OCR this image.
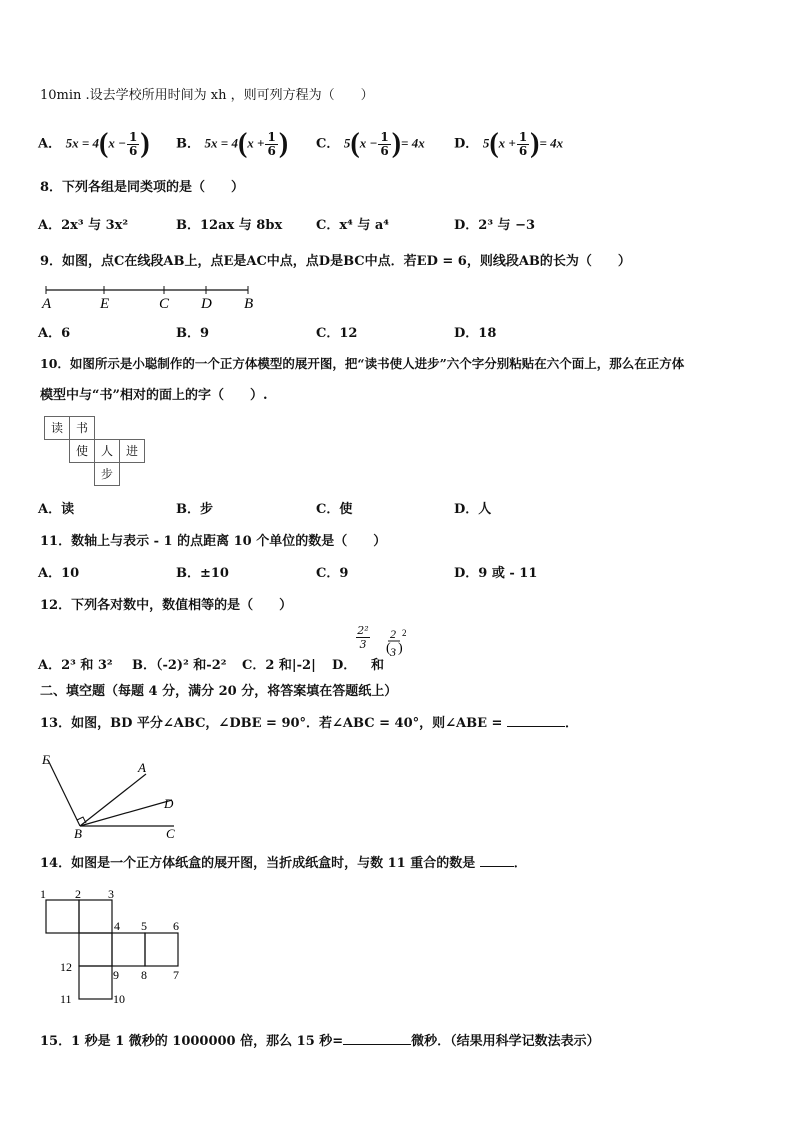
10min .设去学校所用时间为 xh ，则可列方程为（　　）
A． $5x = 4(x - \frac{1}{6}$ ) B． $5x = 4(x + \frac{1}{6}$ ) C． $5(x - \frac{1}{6}$ )= 4x D． $5(x + \frac{1}{6}$ )= 4x
8．下列各组是同类项的是（　　）
A．2x³ 与 3x²	B．12ax 与 8bx	C．x⁴ 与 a⁴	D．2³ 与 −3
9．如图，点C在线段AB上，点E是AC中点，点D是BC中点．若ED = 6，则线段AB的长为（　　）
A	E	C D B
A．6	B．9	C．12	D．18
10．如图所示是小聪制作的一个正方体模型的展开图，把“读书使人进步”六个字分别粘贴在六个面上，那么在正方体
模型中与“书”相对的面上的字（　　）.
读	书
使	人	进
步
A．读	B．步	C．使	D．人
11．数轴上与表示 - 1 的点距离 10 个单位的数是（　　）
A．10	B．±10	C．9	D．9 或 - 11
12．下列各对数中，数值相等的是（　　）
A．2³ 和 3² B．（-2)² 和-2² C．2 和|-2| D．
$\frac{\text{2²}}{3}$
和
2
3
( )
2
二、填空题（每题 4 分，满分 20 分，将答案填在答题纸上）
13．如图，BD 平分∠ABC，∠DBE = 90°．若∠ABC = 40°，则∠ABE =	．
E
A
D
B	C
14．如图是一个正方体纸盒的展开图，当折成纸盒时，与数 11 重合的数是	．
1 2 3
4 5 6
7
8
9
10
11
12
15．1 秒是 1 微秒的 1000000 倍，那么 15 秒=	微秒．（结果用科学记数法表示）
